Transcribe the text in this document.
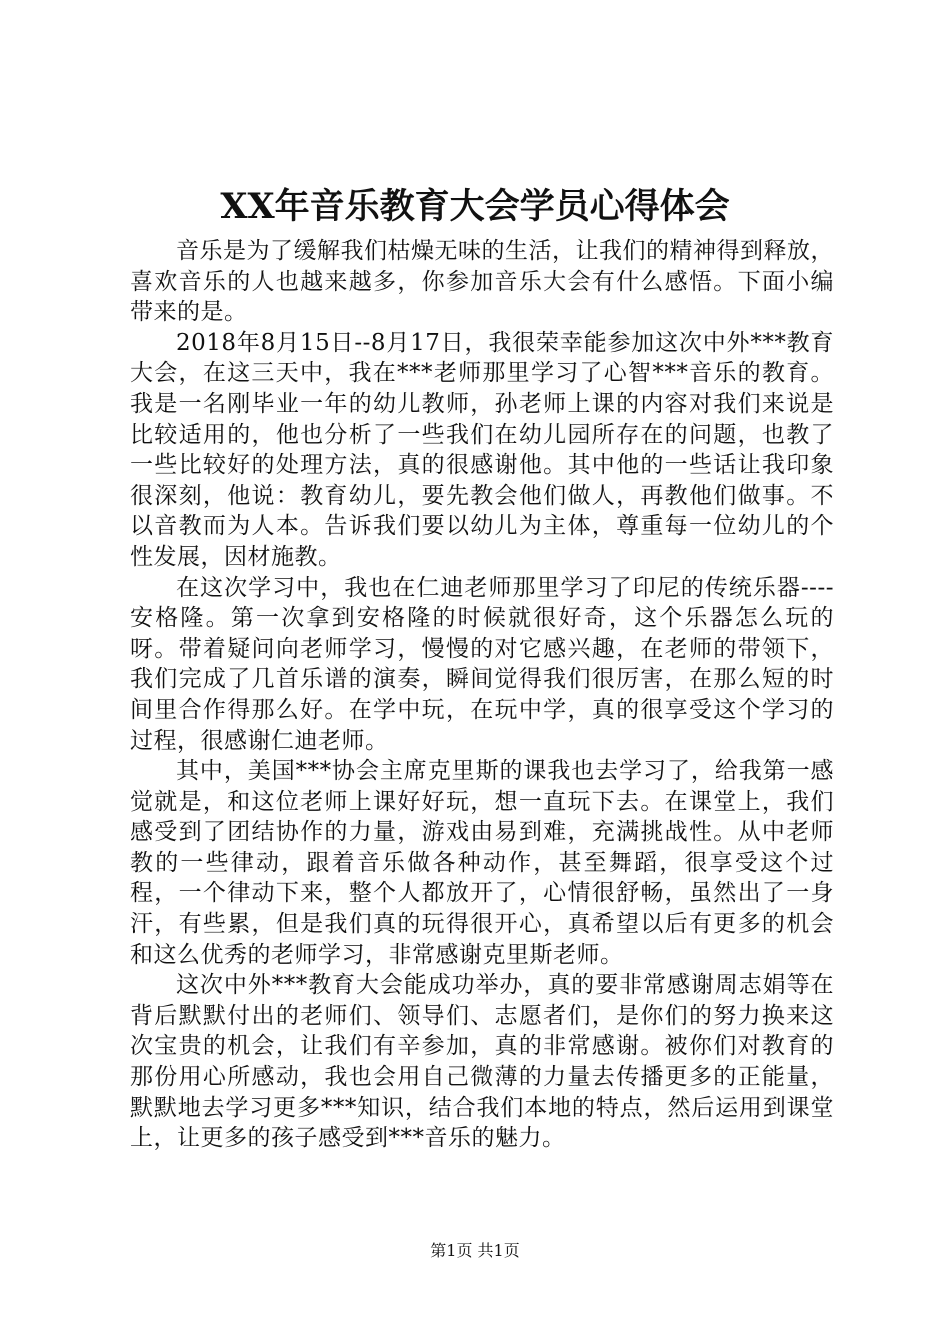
XX年音乐教育大会学员心得体会

音乐是为了缓解我们枯燥无味的生活，让我们的精神得到释放，喜欢音乐的人也越来越多，你参加音乐大会有什么感悟。下面小编带来的是。

2018年8月15日--8月17日，我很荣幸能参加这次中外***教育大会，在这三天中，我在***老师那里学习了心智***音乐的教育。我是一名刚毕业一年的幼儿教师，孙老师上课的内容对我们来说是比较适用的，他也分析了一些我们在幼儿园所存在的问题，也教了一些比较好的处理方法，真的很感谢他。其中他的一些话让我印象很深刻，他说：教育幼儿，要先教会他们做人，再教他们做事。不以音教而为人本。告诉我们要以幼儿为主体，尊重每一位幼儿的个性发展，因材施教。

在这次学习中，我也在仁迪老师那里学习了印尼的传统乐器----安格隆。第一次拿到安格隆的时候就很好奇，这个乐器怎么玩的呀。带着疑问向老师学习，慢慢的对它感兴趣，在老师的带领下，我们完成了几首乐谱的演奏，瞬间觉得我们很厉害，在那么短的时间里合作得那么好。在学中玩，在玩中学，真的很享受这个学习的过程，很感谢仁迪老师。

其中，美国***协会主席克里斯的课我也去学习了，给我第一感觉就是，和这位老师上课好好玩，想一直玩下去。在课堂上，我们感受到了团结协作的力量，游戏由易到难，充满挑战性。从中老师教的一些律动，跟着音乐做各种动作，甚至舞蹈，很享受这个过程，一个律动下来，整个人都放开了，心情很舒畅，虽然出了一身汗，有些累，但是我们真的玩得很开心，真希望以后有更多的机会和这么优秀的老师学习，非常感谢克里斯老师。

这次中外***教育大会能成功举办，真的要非常感谢周志娟等在背后默默付出的老师们、领导们、志愿者们，是你们的努力换来这次宝贵的机会，让我们有辛参加，真的非常感谢。被你们对教育的那份用心所感动，我也会用自己微薄的力量去传播更多的正能量，默默地去学习更多***知识，结合我们本地的特点，然后运用到课堂上，让更多的孩子感受到***音乐的魅力。

第1页 共1页
